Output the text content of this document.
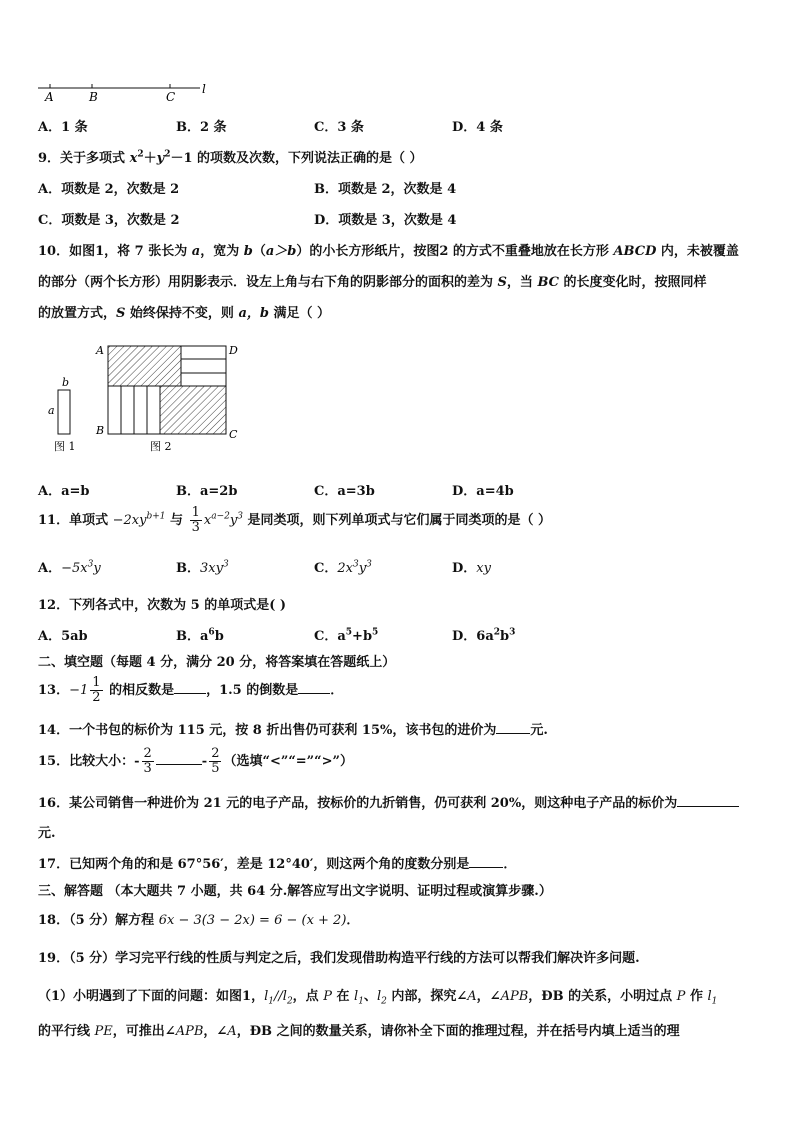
A	B	C
l
A．1 条	B．2 条	C．3 条	D．4 条
9．关于多项式 $x^2+y^2-1$ 的项数及次数，下列说法正确的是（ ）
A．项数是 2，次数是 2	B．项数是 2，次数是 4
C．项数是 3，次数是 2	D．项数是 3，次数是 4
10．如图1，将 7 张长为 a，宽为 b（a＞b）的小长方形纸片，按图2 的方式不重叠地放在长方形 ABCD 内，未被覆盖
的部分（两个长方形）用阴影表示．设左上角与右下角的阴影部分的面积的差为 S，当 BC 的长度变化时，按照同样
的放置方式，S 始终保持不变，则 a，b 满足（ ）
b
a
图 1
A	D
B	C
图 2
A．a=b	B．a=2b	C．a=3b	D．a=4b
11．单项式 $-2xy^{b+1}$ 与 $\frac{1}{3} x^{a-2}y^3$ 是同类项，则下列单项式与它们属于同类项的是（ ）
A．$-5x^3y$	B．$3xy^3$	C．$2x^3y^3$	D．xy
12．下列各式中，次数为 5 的单项式是( )
A．5ab	B．$a^6b$	C．$a^5+b^5$	D．$6a^2b^3$
二、填空题（每题 4 分，满分 20 分，将答案填在答题纸上）
13．$-1 \frac{1}{2}$ 的相反数是 ，1.5 的倒数是 ．
14．一个书包的标价为 115 元，按 8 折出售仍可获利 15%，该书包的进价为	元.
15．比较大小：- $\frac{2}{3}$	- $\frac{2}{5}$ （选填“<”“=”“>”）
16．某公司销售一种进价为 21 元的电子产品，按标价的九折销售，仍可获利 20%，则这种电子产品的标价为
元.
17．已知两个角的和是 67°56′，差是 12°40′，则这两个角的度数分别是	．
三、解答题 （本大题共 7 小题，共 64 分.解答应写出文字说明、证明过程或演算步骤.）
18．（5 分）解方程 6x − 3(3 − 2x) = 6 − (x + 2)．
19．（5 分）学习完平行线的性质与判定之后，我们发现借助构造平行线的方法可以帮我们解决许多问题.
（1）小明遇到了下面的问题：如图1，$l_1//l_2$，点 P 在 $l_1$、$l_2$ 内部，探究∠A，∠APB，ÐB 的关系，小明过点 P 作 $l_1$
的平行线 PE，可推出∠APB，∠A，ÐB 之间的数量关系，请你补全下面的推理过程，并在括号内填上适当的理
